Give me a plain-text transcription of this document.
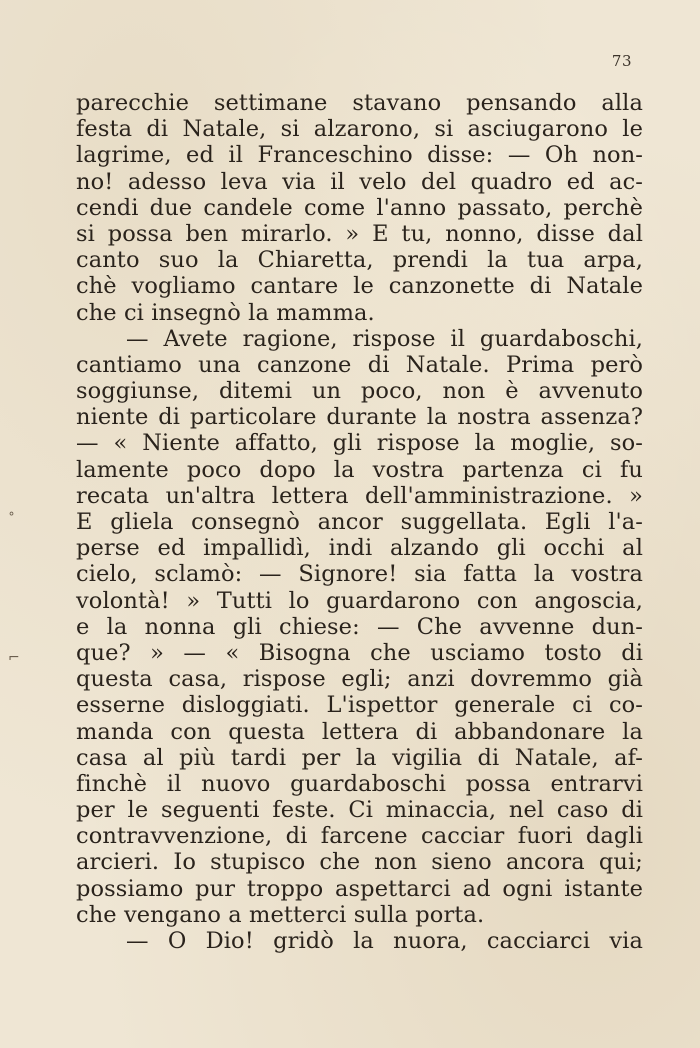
73
˚
⌐
parecchie settimane stavano pensando alla
festa di Natale, si alzarono, si asciugarono le
lagrime, ed il Franceschino disse: — Oh non-
no! adesso leva via il velo del quadro ed ac-
cendi due candele come l'anno passato, perchè
si possa ben mirarlo. » E tu, nonno, disse dal
canto suo la Chiaretta, prendi la tua arpa,
chè vogliamo cantare le canzonette di Natale
che ci insegnò la mamma.
— Avete ragione, rispose il guardaboschi,
cantiamo una canzone di Natale. Prima però
soggiunse, ditemi un poco, non è avvenuto
niente di particolare durante la nostra assenza?
— « Niente affatto, gli rispose la moglie, so-
lamente poco dopo la vostra partenza ci fu
recata un'altra lettera dell'amministrazione. »
E gliela consegnò ancor suggellata. Egli l'a-
perse ed impallidì, indi alzando gli occhi al
cielo, sclamò: — Signore! sia fatta la vostra
volontà! » Tutti lo guardarono con angoscia,
e la nonna gli chiese: — Che avvenne dun-
que? » — « Bisogna che usciamo tosto di
questa casa, rispose egli; anzi dovremmo già
esserne disloggiati. L'ispettor generale ci co-
manda con questa lettera di abbandonare la
casa al più tardi per la vigilia di Natale, af-
finchè il nuovo guardaboschi possa entrarvi
per le seguenti feste. Ci minaccia, nel caso di
contravvenzione, di farcene cacciar fuori dagli
arcieri. Io stupisco che non sieno ancora qui;
possiamo pur troppo aspettarci ad ogni istante
che vengano a metterci sulla porta.
— O Dio! gridò la nuora, cacciarci via
